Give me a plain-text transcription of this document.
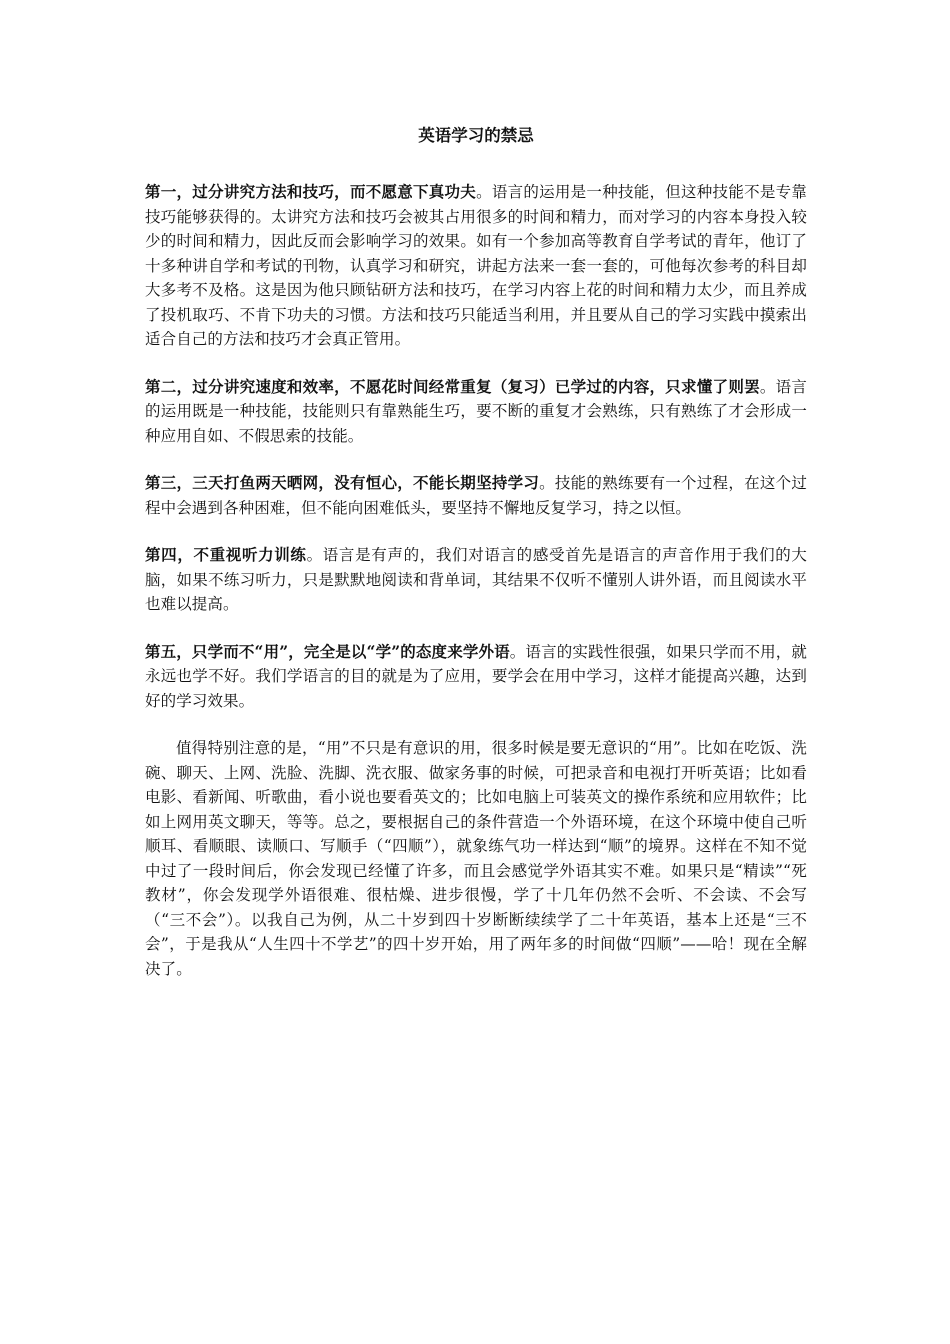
英语学习的禁忌

第一，过分讲究方法和技巧，而不愿意下真功夫。语言的运用是一种技能，但这种技能不是专靠技巧能够获得的。太讲究方法和技巧会被其占用很多的时间和精力，而对学习的内容本身投入较少的时间和精力，因此反而会影响学习的效果。如有一个参加高等教育自学考试的青年，他订了十多种讲自学和考试的刊物，认真学习和研究，讲起方法来一套一套的，可他每次参考的科目却大多考不及格。这是因为他只顾钻研方法和技巧，在学习内容上花的时间和精力太少，而且养成了投机取巧、不肯下功夫的习惯。方法和技巧只能适当利用，并且要从自己的学习实践中摸索出适合自己的方法和技巧才会真正管用。

第二，过分讲究速度和效率，不愿花时间经常重复（复习）已学过的内容，只求懂了则罢。语言的运用既是一种技能，技能则只有靠熟能生巧，要不断的重复才会熟练，只有熟练了才会形成一种应用自如、不假思索的技能。

第三，三天打鱼两天晒网，没有恒心，不能长期坚持学习。技能的熟练要有一个过程，在这个过程中会遇到各种困难，但不能向困难低头，要坚持不懈地反复学习，持之以恒。

第四，不重视听力训练。语言是有声的，我们对语言的感受首先是语言的声音作用于我们的大脑，如果不练习听力，只是默默地阅读和背单词，其结果不仅听不懂别人讲外语，而且阅读水平也难以提高。

第五，只学而不“用”，完全是以“学”的态度来学外语。语言的实践性很强，如果只学而不用，就永远也学不好。我们学语言的目的就是为了应用，要学会在用中学习，这样才能提高兴趣，达到好的学习效果。

值得特别注意的是，“用”不只是有意识的用，很多时候是要无意识的“用”。比如在吃饭、洗碗、聊天、上网、洗脸、洗脚、洗衣服、做家务事的时候，可把录音和电视打开听英语；比如看电影、看新闻、听歌曲，看小说也要看英文的；比如电脑上可装英文的操作系统和应用软件；比如上网用英文聊天，等等。总之，要根据自己的条件营造一个外语环境，在这个环境中使自己听顺耳、看顺眼、读顺口、写顺手（“四顺”），就象练气功一样达到“顺”的境界。这样在不知不觉中过了一段时间后，你会发现已经懂了许多，而且会感觉学外语其实不难。如果只是“精读”“死教材”，你会发现学外语很难、很枯燥、进步很慢，学了十几年仍然不会听、不会读、不会写（“三不会”）。以我自己为例，从二十岁到四十岁断断续续学了二十年英语，基本上还是“三不会”，于是我从“人生四十不学艺”的四十岁开始，用了两年多的时间做“四顺”——哈！现在全解决了。
